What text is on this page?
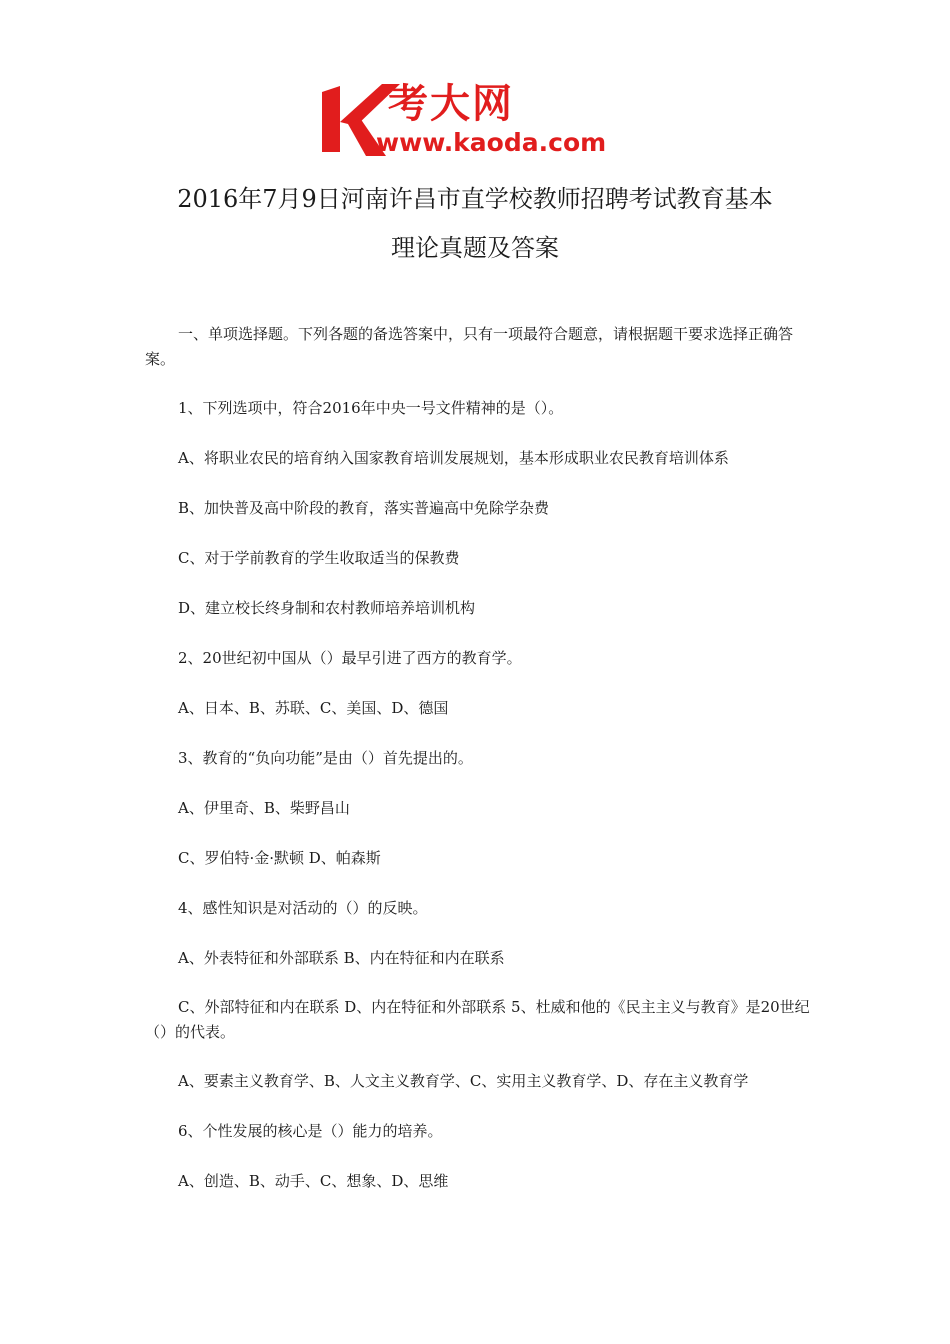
考大网
www.kaoda.com
2016年7月9日河南许昌市直学校教师招聘考试教育基本
理论真题及答案
一、单项选择题。下列各题的备选答案中，只有一项最符合题意，请根据题干要求选择正确答案。
1、下列选项中，符合2016年中央一号文件精神的是（）。
A、将职业农民的培育纳入国家教育培训发展规划，基本形成职业农民教育培训体系
B、加快普及高中阶段的教育，落实普遍高中免除学杂费
C、对于学前教育的学生收取适当的保教费
D、建立校长终身制和农村教师培养培训机构
2、20世纪初中国从（）最早引进了西方的教育学。
A、日本、B、苏联、C、美国、D、德国
3、教育的“负向功能”是由（）首先提出的。
A、伊里奇、B、柴野昌山
C、罗伯特·金·默顿 D、帕森斯
4、感性知识是对活动的（）的反映。
A、外表特征和外部联系 B、内在特征和内在联系
C、外部特征和内在联系 D、内在特征和外部联系 5、杜威和他的《民主主义与教育》是20世纪（）的代表。
A、要素主义教育学、B、人文主义教育学、C、实用主义教育学、D、存在主义教育学
6、个性发展的核心是（）能力的培养。
A、创造、B、动手、C、想象、D、思维
